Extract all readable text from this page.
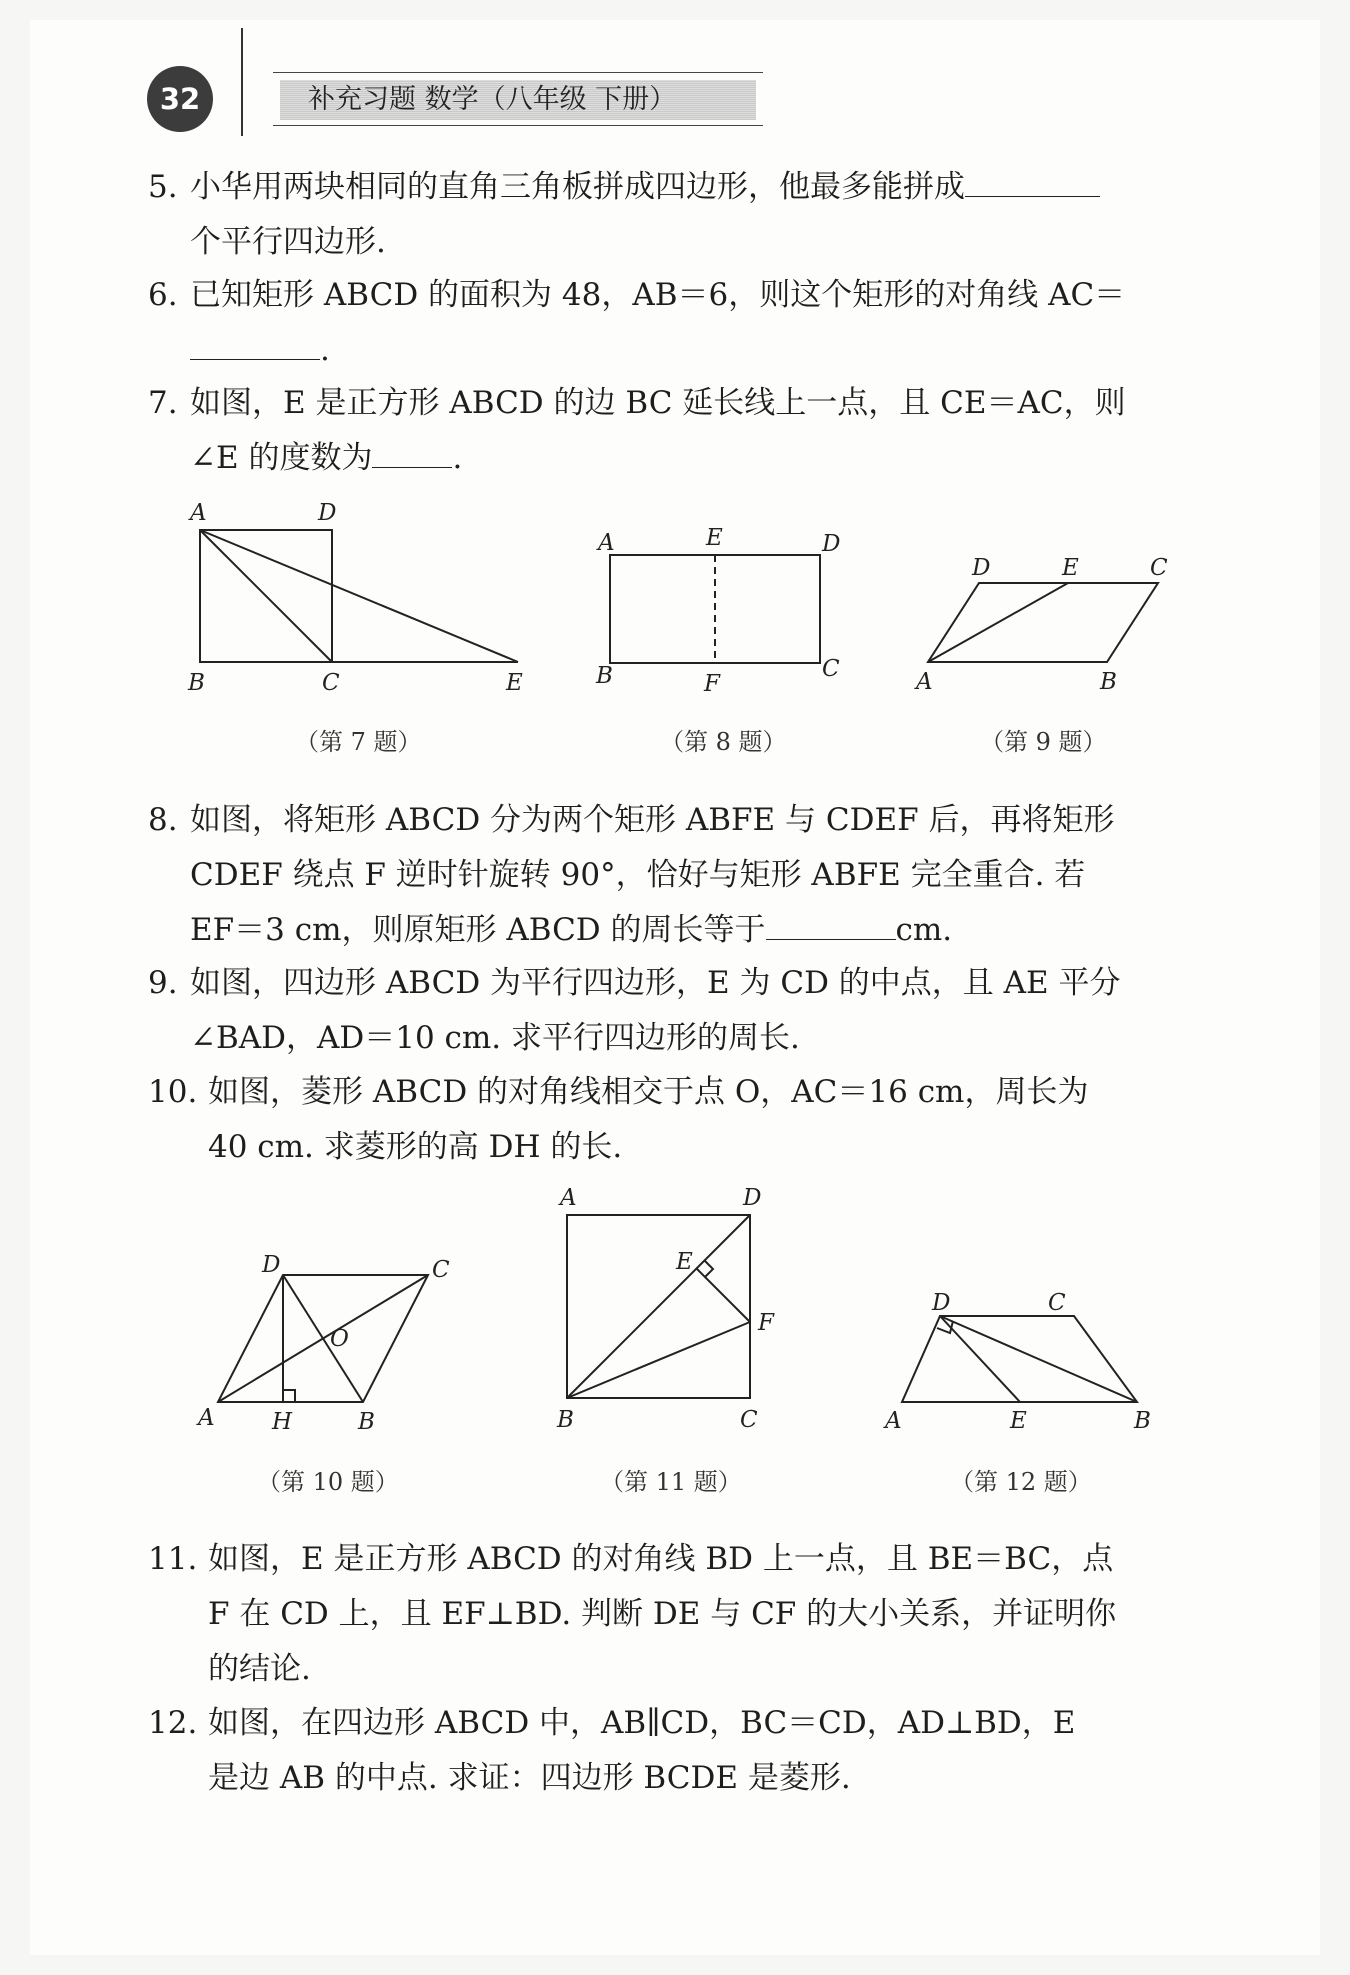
32	补充习题 数学（八年级 下册）

5. 小华用两块相同的直角三角板拼成四边形，他最多能拼成

个平行四边形.

6. 已知矩形 ABCD 的面积为 48，AB＝6，则这个矩形的对角线 AC＝

.

7. 如图，E 是正方形 ABCD 的边 BC 延长线上一点，且 CE＝AC，则

∠E 的度数为	.

A	D
B	C	E
（第 7 题）
A	E	D
B	F
C
（第 8 题）
D	E	C
A	B
（第 9 题）

8. 如图，将矩形 ABCD 分为两个矩形 ABFE 与 CDEF 后，再将矩形

CDEF 绕点 F 逆时针旋转 90°，恰好与矩形 ABFE 完全重合. 若

EF＝3 cm，则原矩形 ABCD 的周长等于	cm.

9. 如图，四边形 ABCD 为平行四边形，E 为 CD 的中点，且 AE 平分

∠BAD，AD＝10 cm. 求平行四边形的周长.

10. 如图，菱形 ABCD 的对角线相交于点 O，AC＝16 cm，周长为

40 cm. 求菱形的高 DH 的长.

D	C
O
A H	B
（第 10 题）
A	D
E
F
B	C
（第 11 题）
D	C
A	E	B
（第 12 题）

11. 如图，E 是正方形 ABCD 的对角线 BD 上一点，且 BE＝BC，点

F 在 CD 上，且 EF⊥BD. 判断 DE 与 CF 的大小关系，并证明你

的结论.

12. 如图，在四边形 ABCD 中，AB∥CD，BC＝CD，AD⊥BD，E

是边 AB 的中点. 求证：四边形 BCDE 是菱形.
